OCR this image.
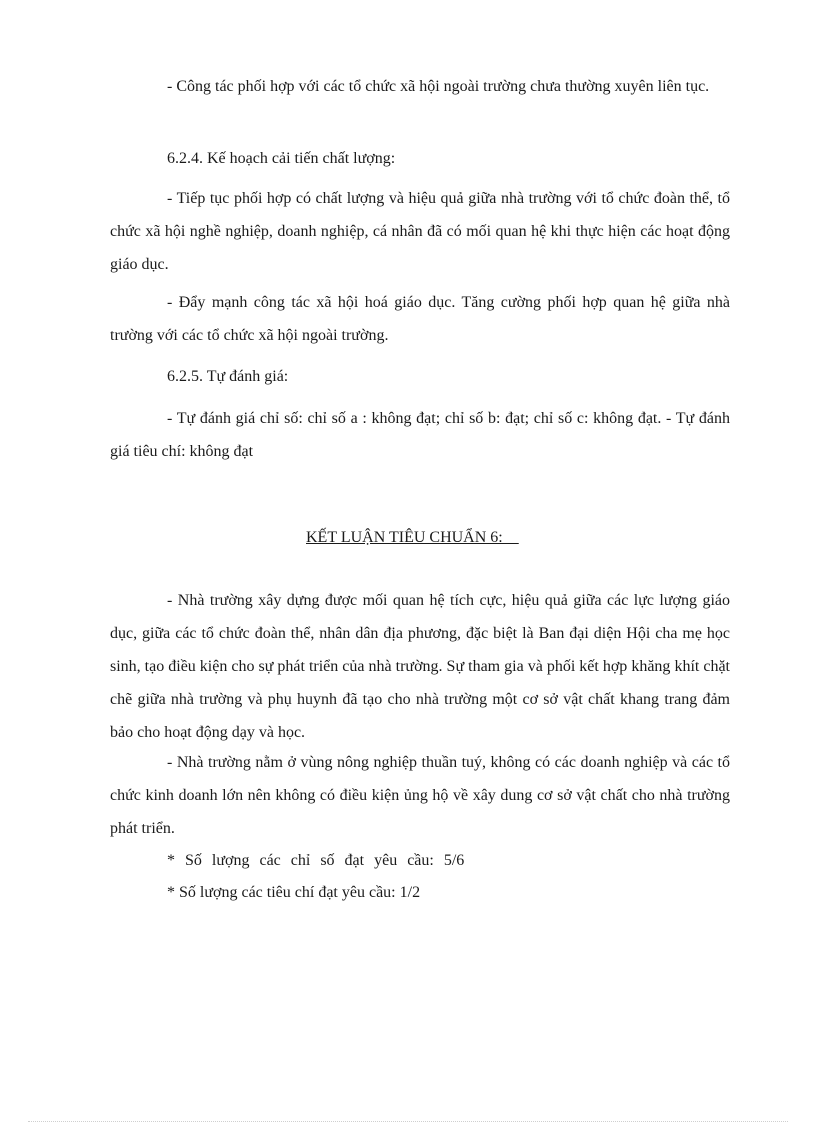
- Công tác phối hợp với các tổ chức xã hội ngoài trường chưa thường xuyên liên tục.

6.2.4. Kế hoạch cải tiến chất lượng:

- Tiếp tục phối hợp có chất lượng và hiệu quả giữa nhà trường với tổ chức đoàn thể, tổ chức xã hội nghề nghiệp, doanh nghiệp, cá nhân đã có mối quan hệ khi thực hiện các hoạt động giáo dục.

- Đẩy mạnh công tác xã hội hoá giáo dục. Tăng cường phối hợp quan hệ giữa nhà trường với các tổ chức xã hội ngoài trường.

6.2.5. Tự đánh giá:

- Tự đánh giá chỉ số: chỉ số a : không đạt; chỉ số b: đạt; chỉ số c: không đạt. - Tự đánh giá tiêu chí: không đạt

KẾT LUẬN TIÊU CHUẨN 6:

- Nhà trường xây dựng được mối quan hệ tích cực, hiệu quả giữa các lực lượng giáo dục, giữa các tổ chức đoàn thể, nhân dân địa phương, đặc biệt là Ban đại diện Hội cha mẹ học sinh, tạo điều kiện cho sự phát triển của nhà trường. Sự tham gia và phối kết hợp khăng khít chặt chẽ giữa nhà trường và phụ huynh đã tạo cho nhà trường một cơ sở vật chất khang trang đảm bảo cho hoạt động dạy và học.

- Nhà trường nằm ở vùng nông nghiệp thuần tuý, không có các doanh nghiệp và các tổ chức kinh doanh lớn nên không có điều kiện ủng hộ về xây dung cơ sở vật chất cho nhà trường phát triển.

* Số lượng các chỉ số đạt yêu cầu: 5/6

* Số lượng các tiêu chí đạt yêu cầu: 1/2
